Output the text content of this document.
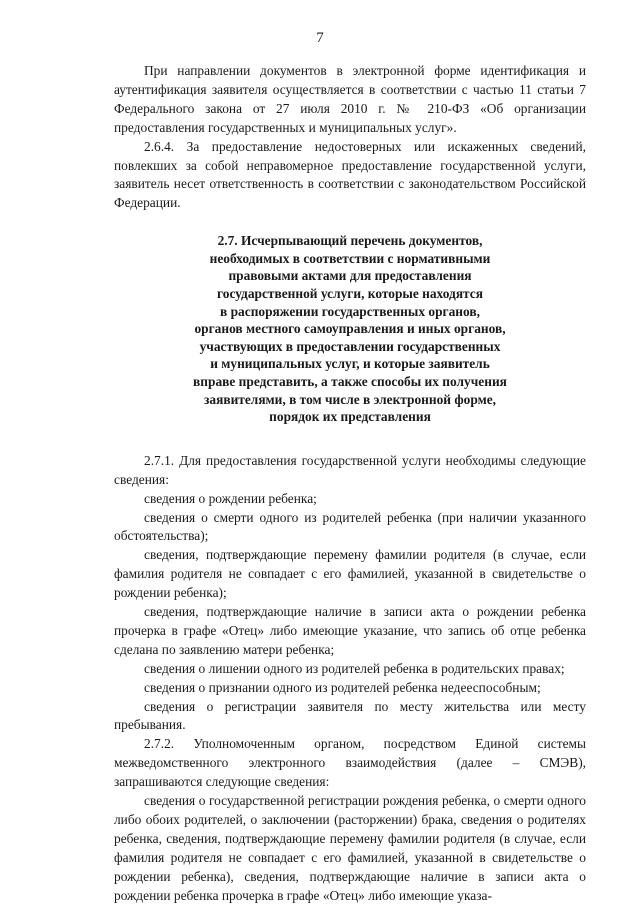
7

При направлении документов в электронной форме идентификация и аутентификация заявителя осуществляется в соответствии с частью 11 статьи 7 Федерального закона от 27 июля 2010 г. № 210-ФЗ «Об организации предоставления государственных и муниципальных услуг».

2.6.4. За предоставление недостоверных или искаженных сведений, повлекших за собой неправомерное предоставление государственной услуги, заявитель несет ответственность в соответствии с законодательством Российской Федерации.

2.7. Исчерпывающий перечень документов,
необходимых в соответствии с нормативными
правовыми актами для предоставления
государственной услуги, которые находятся
в распоряжении государственных органов,
органов местного самоуправления и иных органов,
участвующих в предоставлении государственных
и муниципальных услуг, и которые заявитель
вправе представить, а также способы их получения
заявителями, в том числе в электронной форме,
порядок их представления

2.7.1. Для предоставления государственной услуги необходимы следующие сведения:

сведения о рождении ребенка;

сведения о смерти одного из родителей ребенка (при наличии указанного обстоятельства);

сведения, подтверждающие перемену фамилии родителя (в случае, если фамилия родителя не совпадает с его фамилией, указанной в свидетельстве о рождении ребенка);

сведения, подтверждающие наличие в записи акта о рождении ребенка прочерка в графе «Отец» либо имеющие указание, что запись об отце ребенка сделана по заявлению матери ребенка;

сведения о лишении одного из родителей ребенка в родительских правах;

сведения о признании одного из родителей ребенка недееспособным;

сведения о регистрации заявителя по месту жительства или месту пребывания.

2.7.2. Уполномоченным органом, посредством Единой системы межведомственного электронного взаимодействия (далее – СМЭВ), запрашиваются следующие сведения:

сведения о государственной регистрации рождения ребенка, о смерти одного либо обоих родителей, о заключении (расторжении) брака, сведения о родителях ребенка, сведения, подтверждающие перемену фамилии родителя (в случае, если фамилия родителя не совпадает с его фамилией, указанной в свидетельстве о рождении ребенка), сведения, подтверждающие наличие в записи акта о рождении ребенка прочерка в графе «Отец» либо имеющие указа-
